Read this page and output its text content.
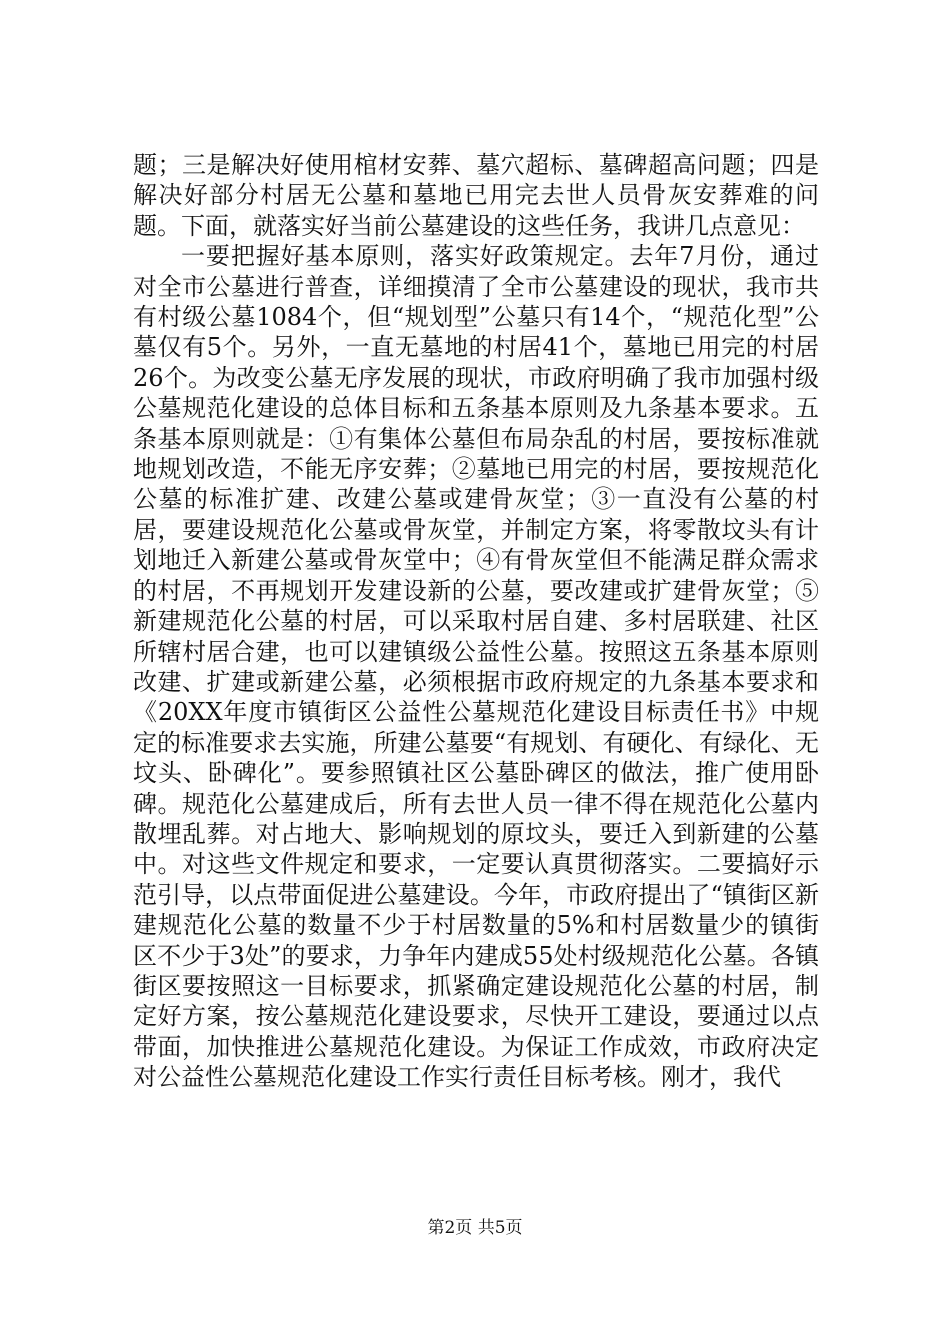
题；三是解决好使用棺材安葬、墓穴超标、墓碑超高问题；四是解决好部分村居无公墓和墓地已用完去世人员骨灰安葬难的问题。下面，就落实好当前公墓建设的这些任务，我讲几点意见：

一要把握好基本原则，落实好政策规定。去年7月份，通过对全市公墓进行普查，详细摸清了全市公墓建设的现状，我市共有村级公墓1084个，但“规划型”公墓只有14个，“规范化型”公墓仅有5个。另外，一直无墓地的村居41个，墓地已用完的村居26个。为改变公墓无序发展的现状，市政府明确了我市加强村级公墓规范化建设的总体目标和五条基本原则及九条基本要求。五条基本原则就是：①有集体公墓但布局杂乱的村居，要按标准就地规划改造，不能无序安葬；②墓地已用完的村居，要按规范化公墓的标准扩建、改建公墓或建骨灰堂；③一直没有公墓的村居，要建设规范化公墓或骨灰堂，并制定方案，将零散坟头有计划地迁入新建公墓或骨灰堂中；④有骨灰堂但不能满足群众需求的村居，不再规划开发建设新的公墓，要改建或扩建骨灰堂；⑤新建规范化公墓的村居，可以采取村居自建、多村居联建、社区所辖村居合建，也可以建镇级公益性公墓。按照这五条基本原则改建、扩建或新建公墓，必须根据市政府规定的九条基本要求和《20XX年度市镇街区公益性公墓规范化建设目标责任书》中规定的标准要求去实施，所建公墓要“有规划、有硬化、有绿化、无坟头、卧碑化”。要参照镇社区公墓卧碑区的做法，推广使用卧碑。规范化公墓建成后，所有去世人员一律不得在规范化公墓内散埋乱葬。对占地大、影响规划的原坟头，要迁入到新建的公墓中。对这些文件规定和要求，一定要认真贯彻落实。二要搞好示范引导，以点带面促进公墓建设。今年，市政府提出了“镇街区新建规范化公墓的数量不少于村居数量的5%和村居数量少的镇街区不少于3处”的要求，力争年内建成55处村级规范化公墓。各镇街区要按照这一目标要求，抓紧确定建设规范化公墓的村居，制定好方案，按公墓规范化建设要求，尽快开工建设，要通过以点带面，加快推进公墓规范化建设。为保证工作成效，市政府决定对公益性公墓规范化建设工作实行责任目标考核。刚才，我代

第2页 共5页
